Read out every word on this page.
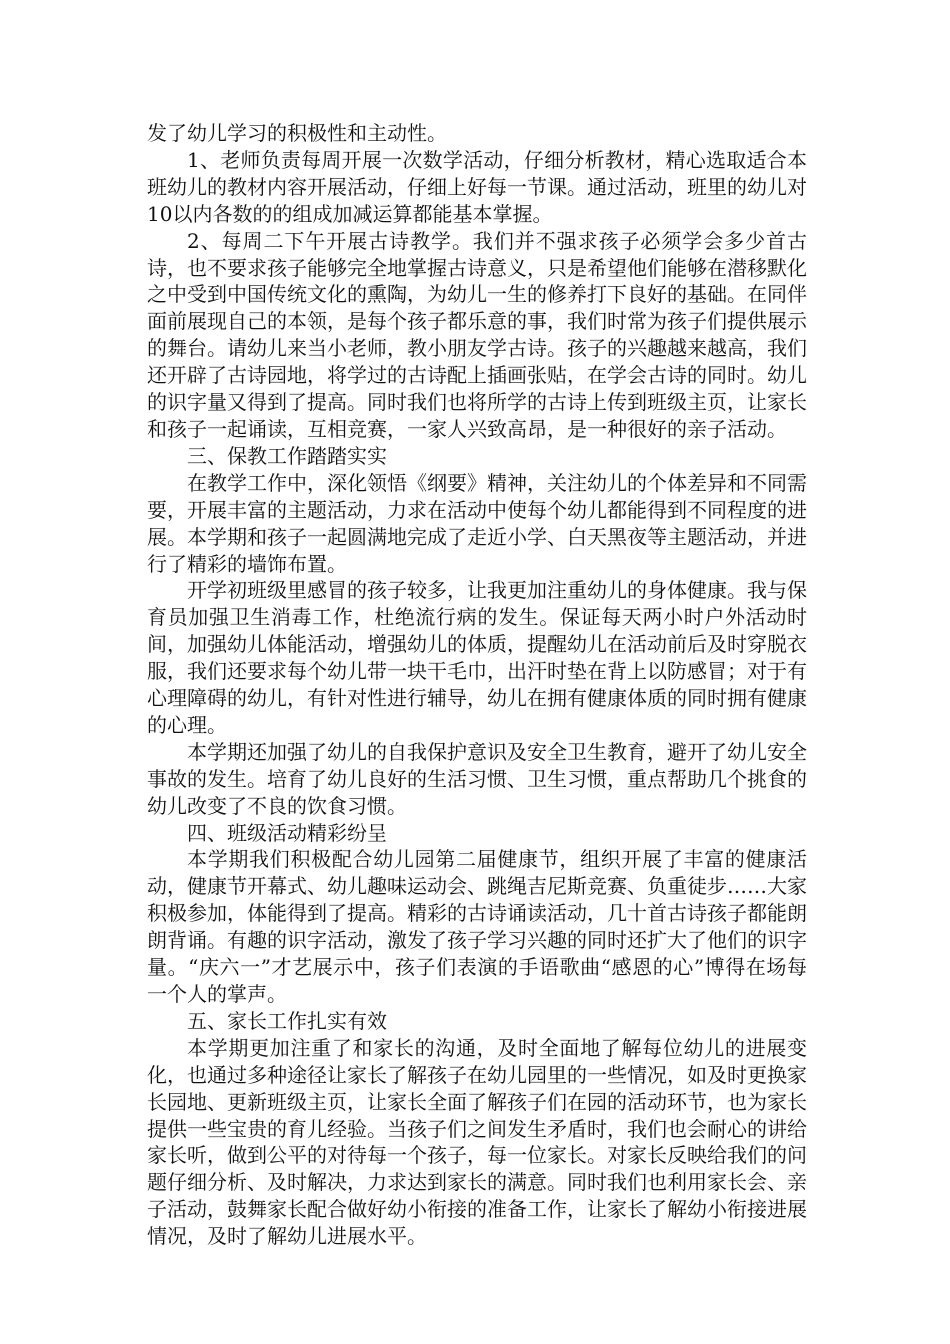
发了幼儿学习的积极性和主动性。

1、老师负责每周开展一次数学活动，仔细分析教材，精心选取适合本班幼儿的教材内容开展活动，仔细上好每一节课。通过活动，班里的幼儿对10以内各数的的组成加减运算都能基本掌握。

2、每周二下午开展古诗教学。我们并不强求孩子必须学会多少首古诗，也不要求孩子能够完全地掌握古诗意义，只是希望他们能够在潜移默化之中受到中国传统文化的熏陶，为幼儿一生的修养打下良好的基础。在同伴面前展现自己的本领，是每个孩子都乐意的事，我们时常为孩子们提供展示的舞台。请幼儿来当小老师，教小朋友学古诗。孩子的兴趣越来越高，我们还开辟了古诗园地，将学过的古诗配上插画张贴，在学会古诗的同时。幼儿的识字量又得到了提高。同时我们也将所学的古诗上传到班级主页，让家长和孩子一起诵读，互相竞赛，一家人兴致高昂，是一种很好的亲子活动。

三、保教工作踏踏实实

在教学工作中，深化领悟《纲要》精神，关注幼儿的个体差异和不同需要，开展丰富的主题活动，力求在活动中使每个幼儿都能得到不同程度的进展。本学期和孩子一起圆满地完成了走近小学、白天黑夜等主题活动，并进行了精彩的墙饰布置。

开学初班级里感冒的孩子较多，让我更加注重幼儿的身体健康。我与保育员加强卫生消毒工作，杜绝流行病的发生。保证每天两小时户外活动时间，加强幼儿体能活动，增强幼儿的体质，提醒幼儿在活动前后及时穿脱衣服，我们还要求每个幼儿带一块干毛巾，出汗时垫在背上以防感冒；对于有心理障碍的幼儿，有针对性进行辅导，幼儿在拥有健康体质的同时拥有健康的心理。

本学期还加强了幼儿的自我保护意识及安全卫生教育，避开了幼儿安全事故的发生。培育了幼儿良好的生活习惯、卫生习惯，重点帮助几个挑食的幼儿改变了不良的饮食习惯。

四、班级活动精彩纷呈

本学期我们积极配合幼儿园第二届健康节，组织开展了丰富的健康活动，健康节开幕式、幼儿趣味运动会、跳绳吉尼斯竞赛、负重徒步……大家积极参加，体能得到了提高。精彩的古诗诵读活动，几十首古诗孩子都能朗朗背诵。有趣的识字活动，激发了孩子学习兴趣的同时还扩大了他们的识字量。“庆六一”才艺展示中，孩子们表演的手语歌曲“感恩的心”博得在场每一个人的掌声。

五、家长工作扎实有效

本学期更加注重了和家长的沟通，及时全面地了解每位幼儿的进展变化，也通过多种途径让家长了解孩子在幼儿园里的一些情况，如及时更换家长园地、更新班级主页，让家长全面了解孩子们在园的活动环节，也为家长提供一些宝贵的育儿经验。当孩子们之间发生矛盾时，我们也会耐心的讲给家长听，做到公平的对待每一个孩子，每一位家长。对家长反映给我们的问题仔细分析、及时解决，力求达到家长的满意。同时我们也利用家长会、亲子活动，鼓舞家长配合做好幼小衔接的准备工作，让家长了解幼小衔接进展情况，及时了解幼儿进展水平。
